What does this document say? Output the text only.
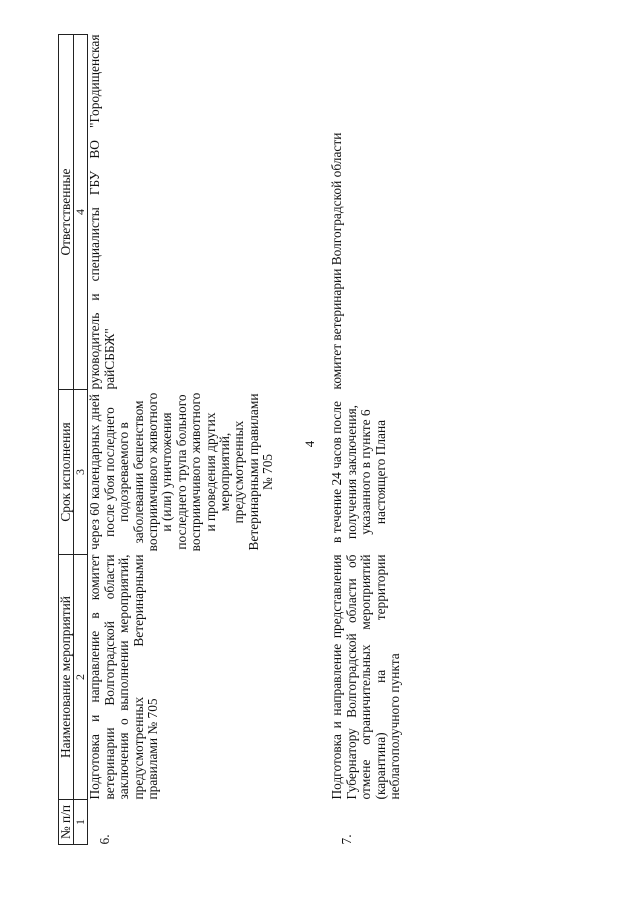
4
№ п/п	Наименование мероприятий	Срок исполнения	Ответственные
1	2	3	4
6.	Подготовка и направление в комитет ветеринарии Волгоградской области заключения о выполнении мероприятий, предусмотренных Ветеринарными правилами № 705	через 60 календарных дней после убоя последнего подозреваемого в заболевании бешенством восприимчивого животного и (или) уничтожения последнего трупа больного восприимчивого животного и проведения других мероприятий, предусмотренных Ветеринарными правилами № 705	руководитель и специалисты ГБУ ВО "Городищенская райСББЖ"
7.	Подготовка и направление представления Губернатору Волгоградской области об отмене ограничительных мероприятий (карантина) на территории неблагополучного пункта	в течение 24 часов после получения заключения, указанного в пункте 6 настоящего Плана	комитет ветеринарии Волгоградской области
